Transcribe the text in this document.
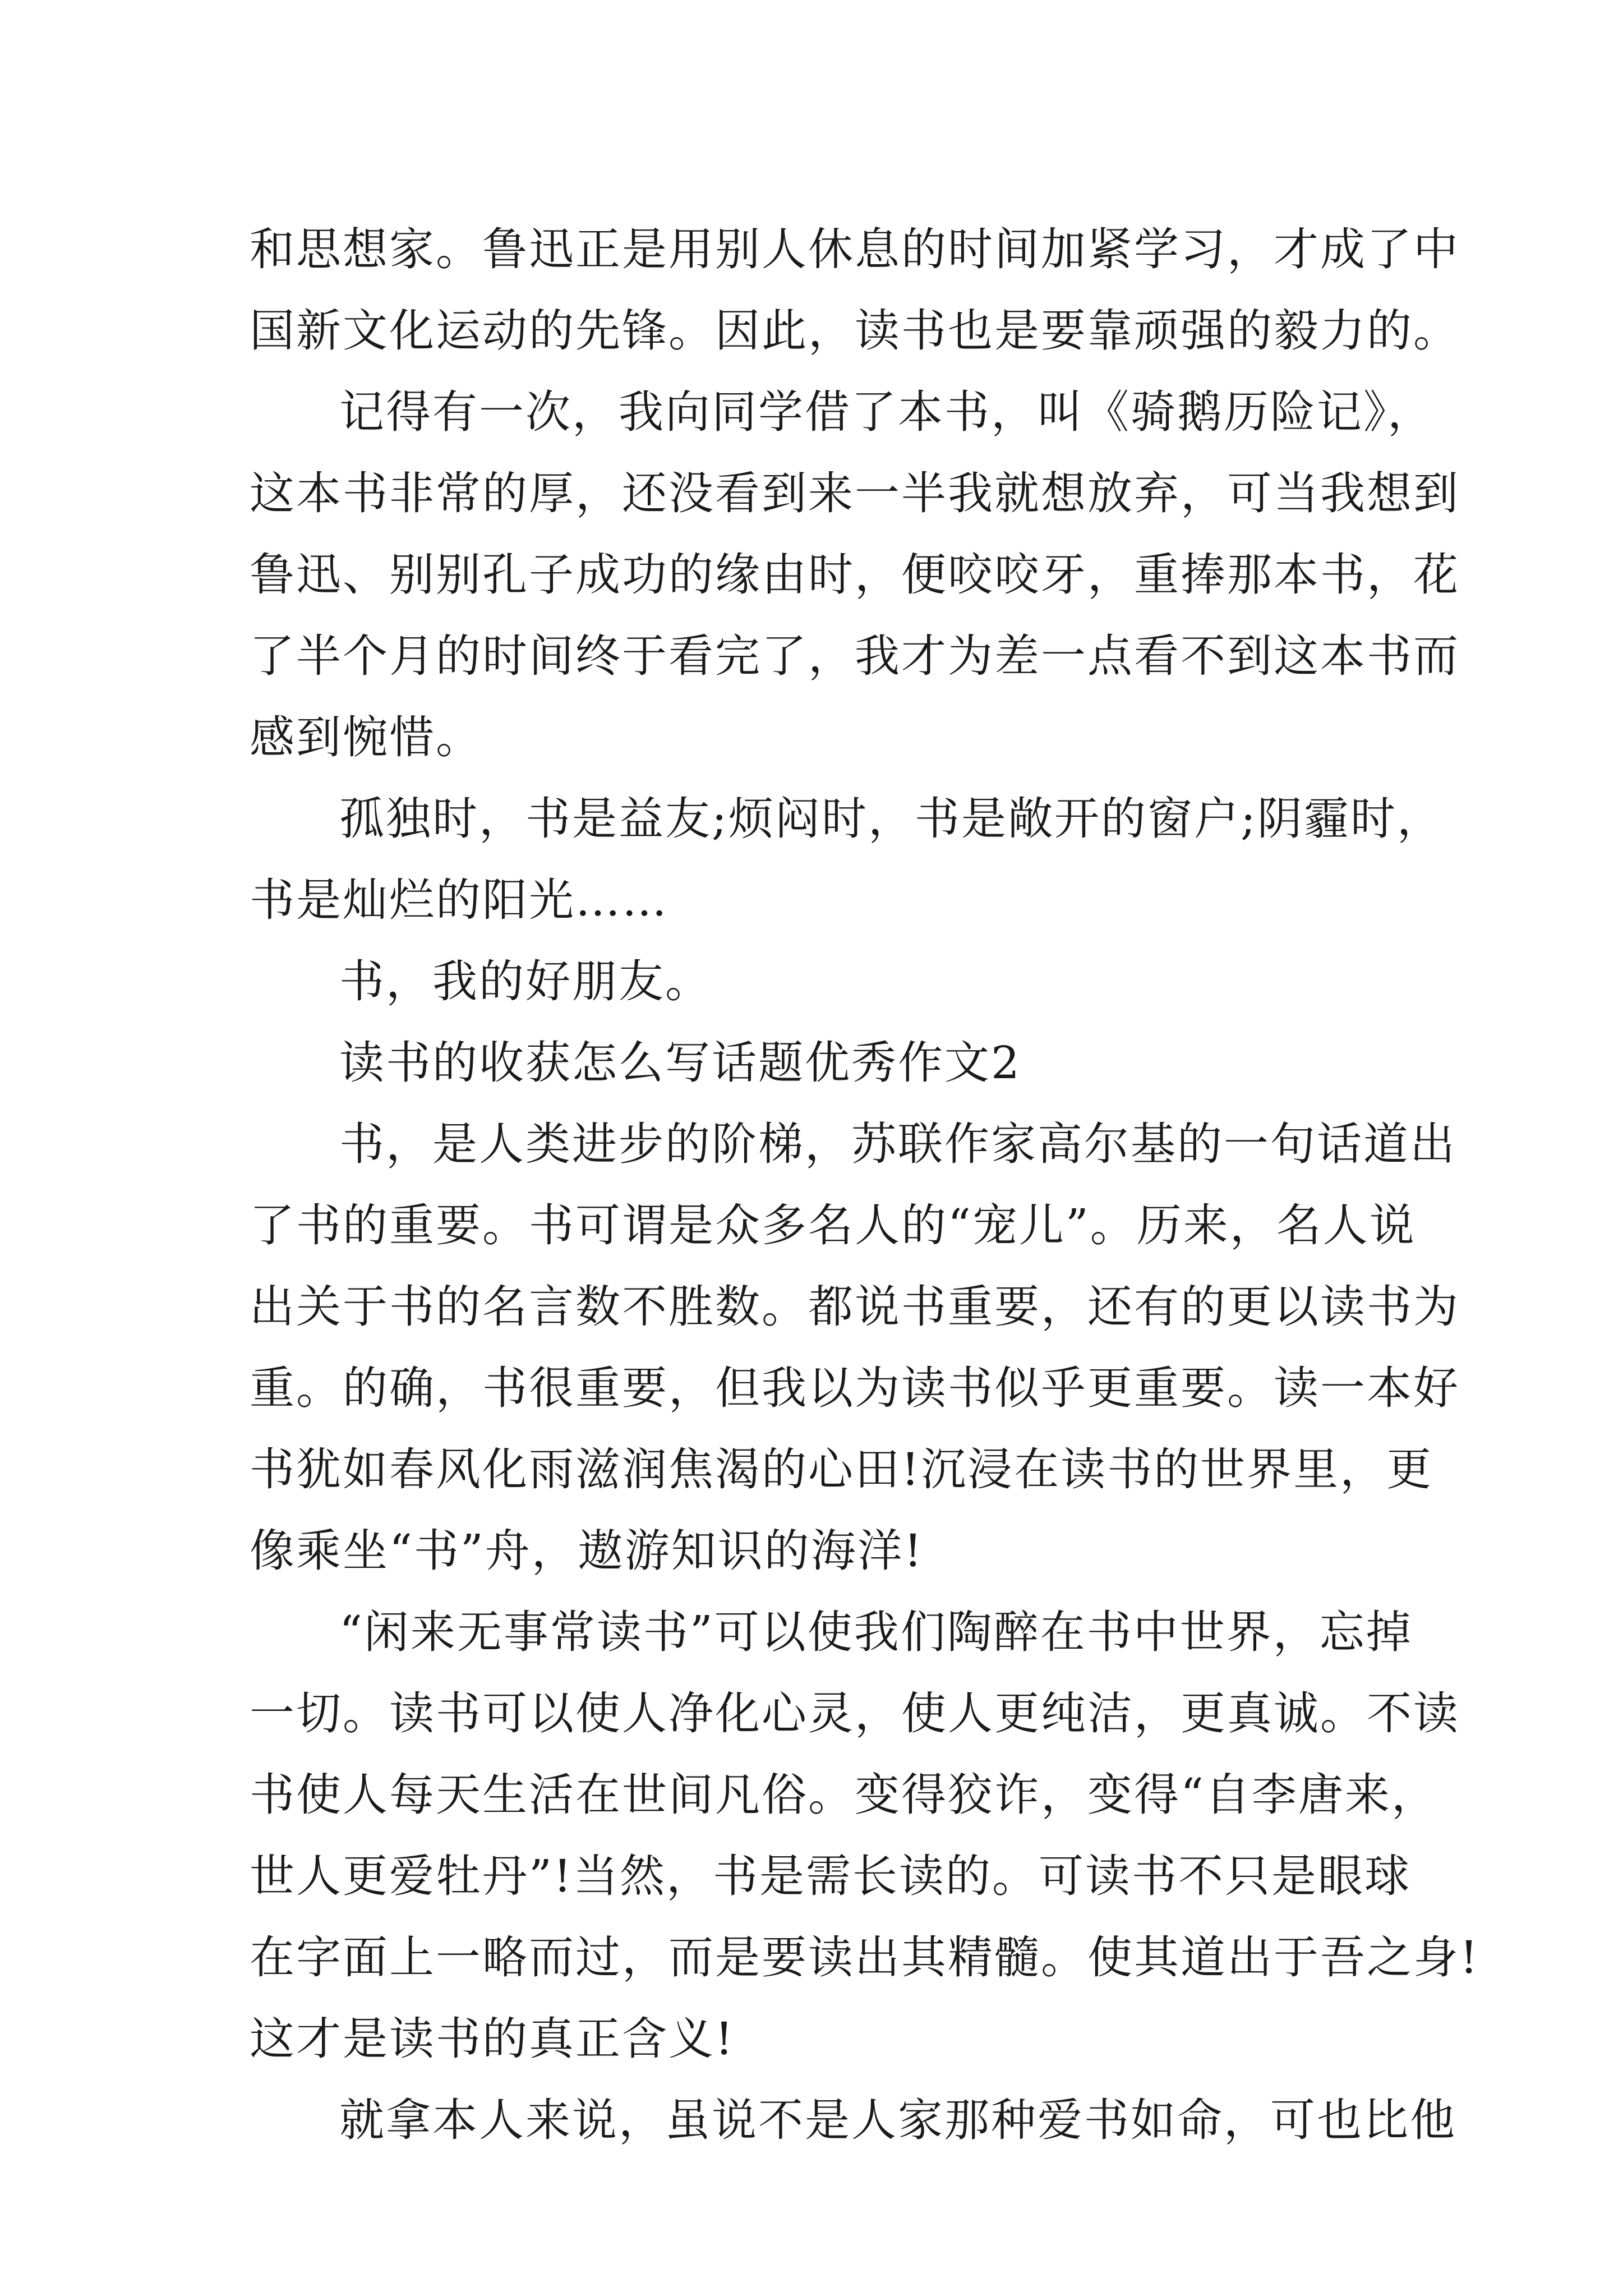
和思想家。鲁迅正是用别人休息的时间加紧学习，才成了中
国新文化运动的先锋。因此，读书也是要靠顽强的毅力的。
记得有一次，我向同学借了本书，叫《骑鹅历险记》，
这本书非常的厚，还没看到来一半我就想放弃，可当我想到
鲁迅、别别孔子成功的缘由时，便咬咬牙，重捧那本书，花
了半个月的时间终于看完了，我才为差一点看不到这本书而
感到惋惜。
孤独时，书是益友;烦闷时，书是敞开的窗户;阴霾时，
书是灿烂的阳光……
书，我的好朋友。
读书的收获怎么写话题优秀作文2
书，是人类进步的阶梯，苏联作家高尔基的一句话道出
了书的重要。书可谓是众多名人的“宠儿”。历来，名人说
出关于书的名言数不胜数。都说书重要，还有的更以读书为
重。的确，书很重要，但我以为读书似乎更重要。读一本好
书犹如春风化雨滋润焦渴的心田!沉浸在读书的世界里，更
像乘坐“书”舟，遨游知识的海洋!
“闲来无事常读书”可以使我们陶醉在书中世界，忘掉
一切。读书可以使人净化心灵，使人更纯洁，更真诚。不读
书使人每天生活在世间凡俗。变得狡诈，变得“自李唐来，
世人更爱牡丹”!当然，书是需长读的。可读书不只是眼球
在字面上一略而过，而是要读出其精髓。使其道出于吾之身!
这才是读书的真正含义!
就拿本人来说，虽说不是人家那种爱书如命，可也比他
